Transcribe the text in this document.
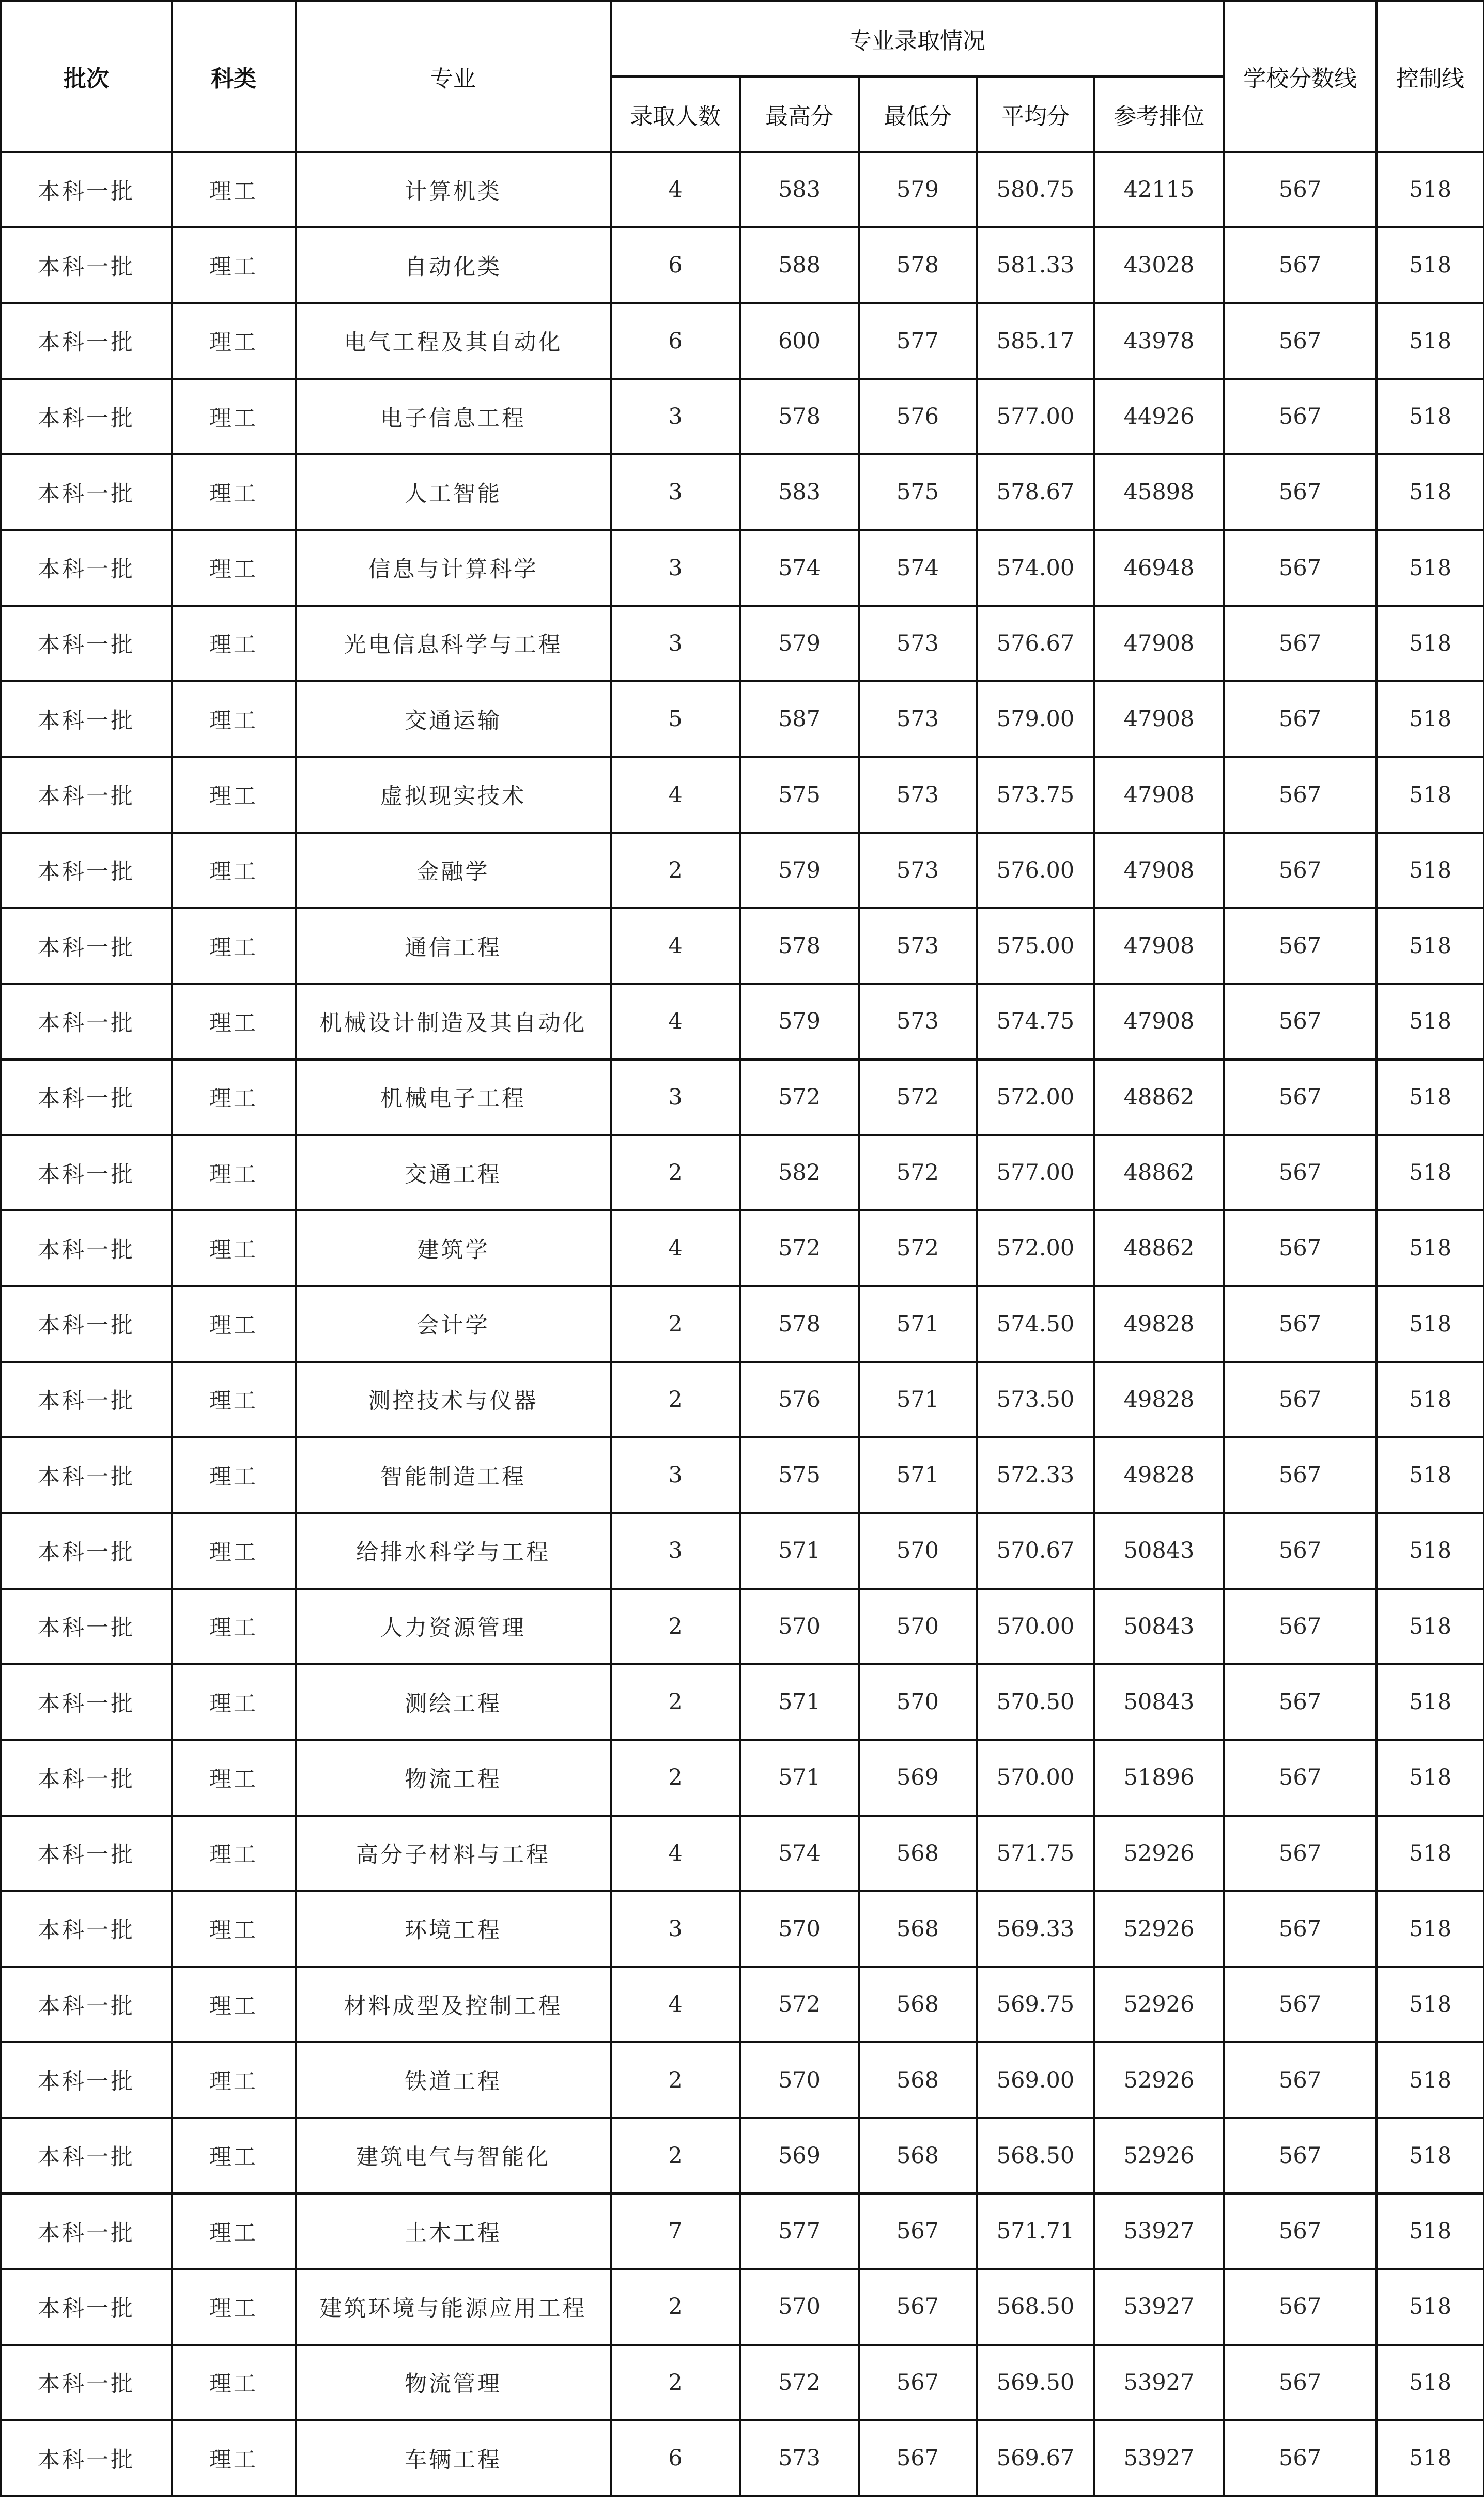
批次	科类	专业	专业录取情况					学校分数线	控制线
			录取人数	最高分	最低分	平均分	参考排位		
本科一批	理工	计算机类	4	583	579	580.75	42115	567	518
本科一批	理工	自动化类	6	588	578	581.33	43028	567	518
本科一批	理工	电气工程及其自动化	6	600	577	585.17	43978	567	518
本科一批	理工	电子信息工程	3	578	576	577.00	44926	567	518
本科一批	理工	人工智能	3	583	575	578.67	45898	567	518
本科一批	理工	信息与计算科学	3	574	574	574.00	46948	567	518
本科一批	理工	光电信息科学与工程	3	579	573	576.67	47908	567	518
本科一批	理工	交通运输	5	587	573	579.00	47908	567	518
本科一批	理工	虚拟现实技术	4	575	573	573.75	47908	567	518
本科一批	理工	金融学	2	579	573	576.00	47908	567	518
本科一批	理工	通信工程	4	578	573	575.00	47908	567	518
本科一批	理工	机械设计制造及其自动化	4	579	573	574.75	47908	567	518
本科一批	理工	机械电子工程	3	572	572	572.00	48862	567	518
本科一批	理工	交通工程	2	582	572	577.00	48862	567	518
本科一批	理工	建筑学	4	572	572	572.00	48862	567	518
本科一批	理工	会计学	2	578	571	574.50	49828	567	518
本科一批	理工	测控技术与仪器	2	576	571	573.50	49828	567	518
本科一批	理工	智能制造工程	3	575	571	572.33	49828	567	518
本科一批	理工	给排水科学与工程	3	571	570	570.67	50843	567	518
本科一批	理工	人力资源管理	2	570	570	570.00	50843	567	518
本科一批	理工	测绘工程	2	571	570	570.50	50843	567	518
本科一批	理工	物流工程	2	571	569	570.00	51896	567	518
本科一批	理工	高分子材料与工程	4	574	568	571.75	52926	567	518
本科一批	理工	环境工程	3	570	568	569.33	52926	567	518
本科一批	理工	材料成型及控制工程	4	572	568	569.75	52926	567	518
本科一批	理工	铁道工程	2	570	568	569.00	52926	567	518
本科一批	理工	建筑电气与智能化	2	569	568	568.50	52926	567	518
本科一批	理工	土木工程	7	577	567	571.71	53927	567	518
本科一批	理工	建筑环境与能源应用工程	2	570	567	568.50	53927	567	518
本科一批	理工	物流管理	2	572	567	569.50	53927	567	518
本科一批	理工	车辆工程	6	573	567	569.67	53927	567	518
